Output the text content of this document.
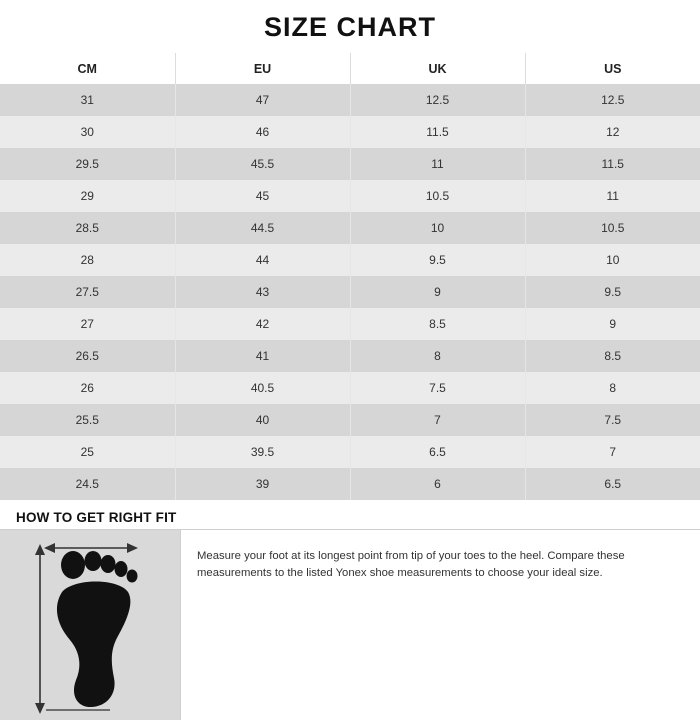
SIZE CHART
CM	EU	UK	US
31	47	12.5	12.5
30	46	11.5	12
29.5	45.5	11	11.5
29	45	10.5	11
28.5	44.5	10	10.5
28	44	9.5	10
27.5	43	9	9.5
27	42	8.5	9
26.5	41	8	8.5
26	40.5	7.5	8
25.5	40	7	7.5
25	39.5	6.5	7
24.5	39	6	6.5
HOW TO GET RIGHT FIT
Measure your foot at its longest point from tip of your toes to the heel. Compare these measurements to the listed Yonex shoe measurements to choose your ideal size.
